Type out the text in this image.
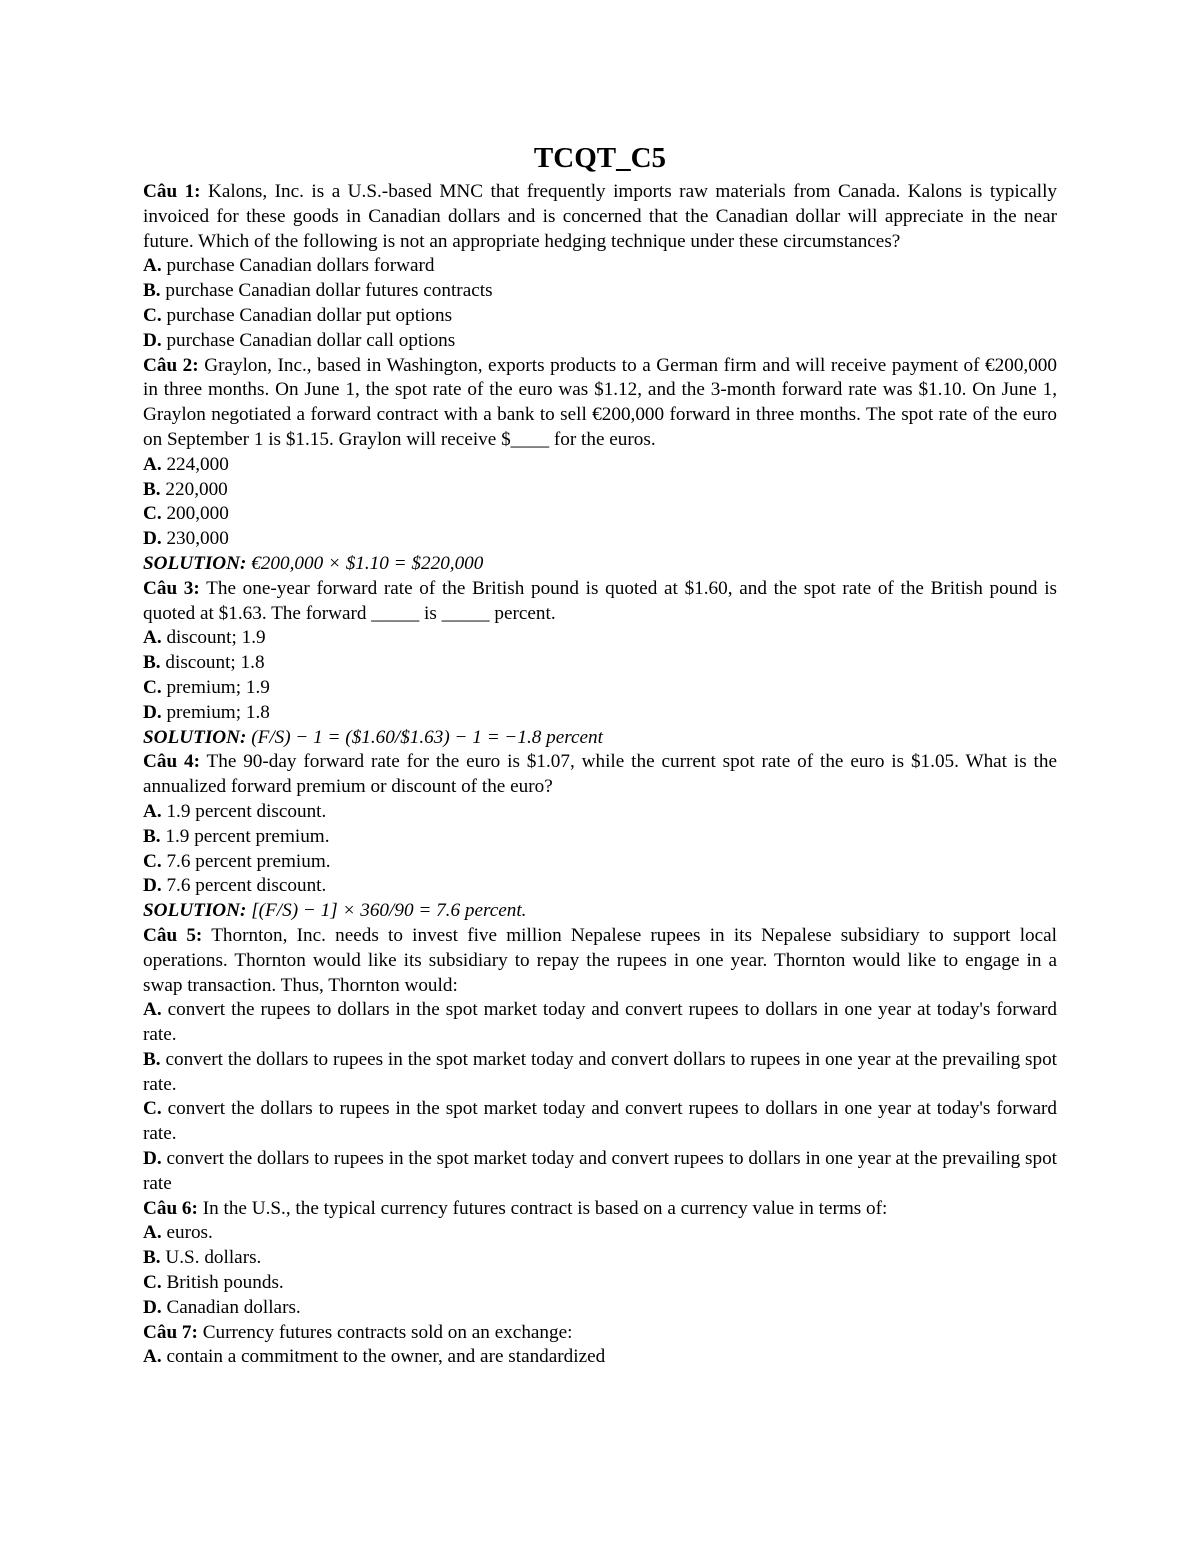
TCQT_C5

Câu 1: Kalons, Inc. is a U.S.-based MNC that frequently imports raw materials from Canada. Kalons is typically invoiced for these goods in Canadian dollars and is concerned that the Canadian dollar will appreciate in the near future. Which of the following is not an appropriate hedging technique under these circumstances?

A. purchase Canadian dollars forward

B. purchase Canadian dollar futures contracts

C. purchase Canadian dollar put options

D. purchase Canadian dollar call options

Câu 2: Graylon, Inc., based in Washington, exports products to a German firm and will receive payment of €200,000 in three months. On June 1, the spot rate of the euro was $1.12, and the 3-month forward rate was $1.10. On June 1, Graylon negotiated a forward contract with a bank to sell €200,000 forward in three months. The spot rate of the euro on September 1 is $1.15. Graylon will receive $____ for the euros.

A. 224,000

B. 220,000

C. 200,000

D. 230,000

SOLUTION: €200,000 × $1.10 = $220,000

Câu 3: The one-year forward rate of the British pound is quoted at $1.60, and the spot rate of the British pound is quoted at $1.63. The forward _____ is _____ percent.

A. discount; 1.9

B. discount; 1.8

C. premium; 1.9

D. premium; 1.8

SOLUTION: (F/S) − 1 = ($1.60/$1.63) − 1 = −1.8 percent

Câu 4: The 90-day forward rate for the euro is $1.07, while the current spot rate of the euro is $1.05. What is the annualized forward premium or discount of the euro?

A. 1.9 percent discount.

B. 1.9 percent premium.

C. 7.6 percent premium.

D. 7.6 percent discount.

SOLUTION: [(F/S) − 1] × 360/90 = 7.6 percent.

Câu 5: Thornton, Inc. needs to invest five million Nepalese rupees in its Nepalese subsidiary to support local operations. Thornton would like its subsidiary to repay the rupees in one year. Thornton would like to engage in a swap transaction. Thus, Thornton would:

A. convert the rupees to dollars in the spot market today and convert rupees to dollars in one year at today's forward rate.

B. convert the dollars to rupees in the spot market today and convert dollars to rupees in one year at the prevailing spot rate.

C. convert the dollars to rupees in the spot market today and convert rupees to dollars in one year at today's forward rate.

D. convert the dollars to rupees in the spot market today and convert rupees to dollars in one year at the prevailing spot rate

Câu 6: In the U.S., the typical currency futures contract is based on a currency value in terms of:

A. euros.

B. U.S. dollars.

C. British pounds.

D. Canadian dollars.

Câu 7: Currency futures contracts sold on an exchange:

A. contain a commitment to the owner, and are standardized
